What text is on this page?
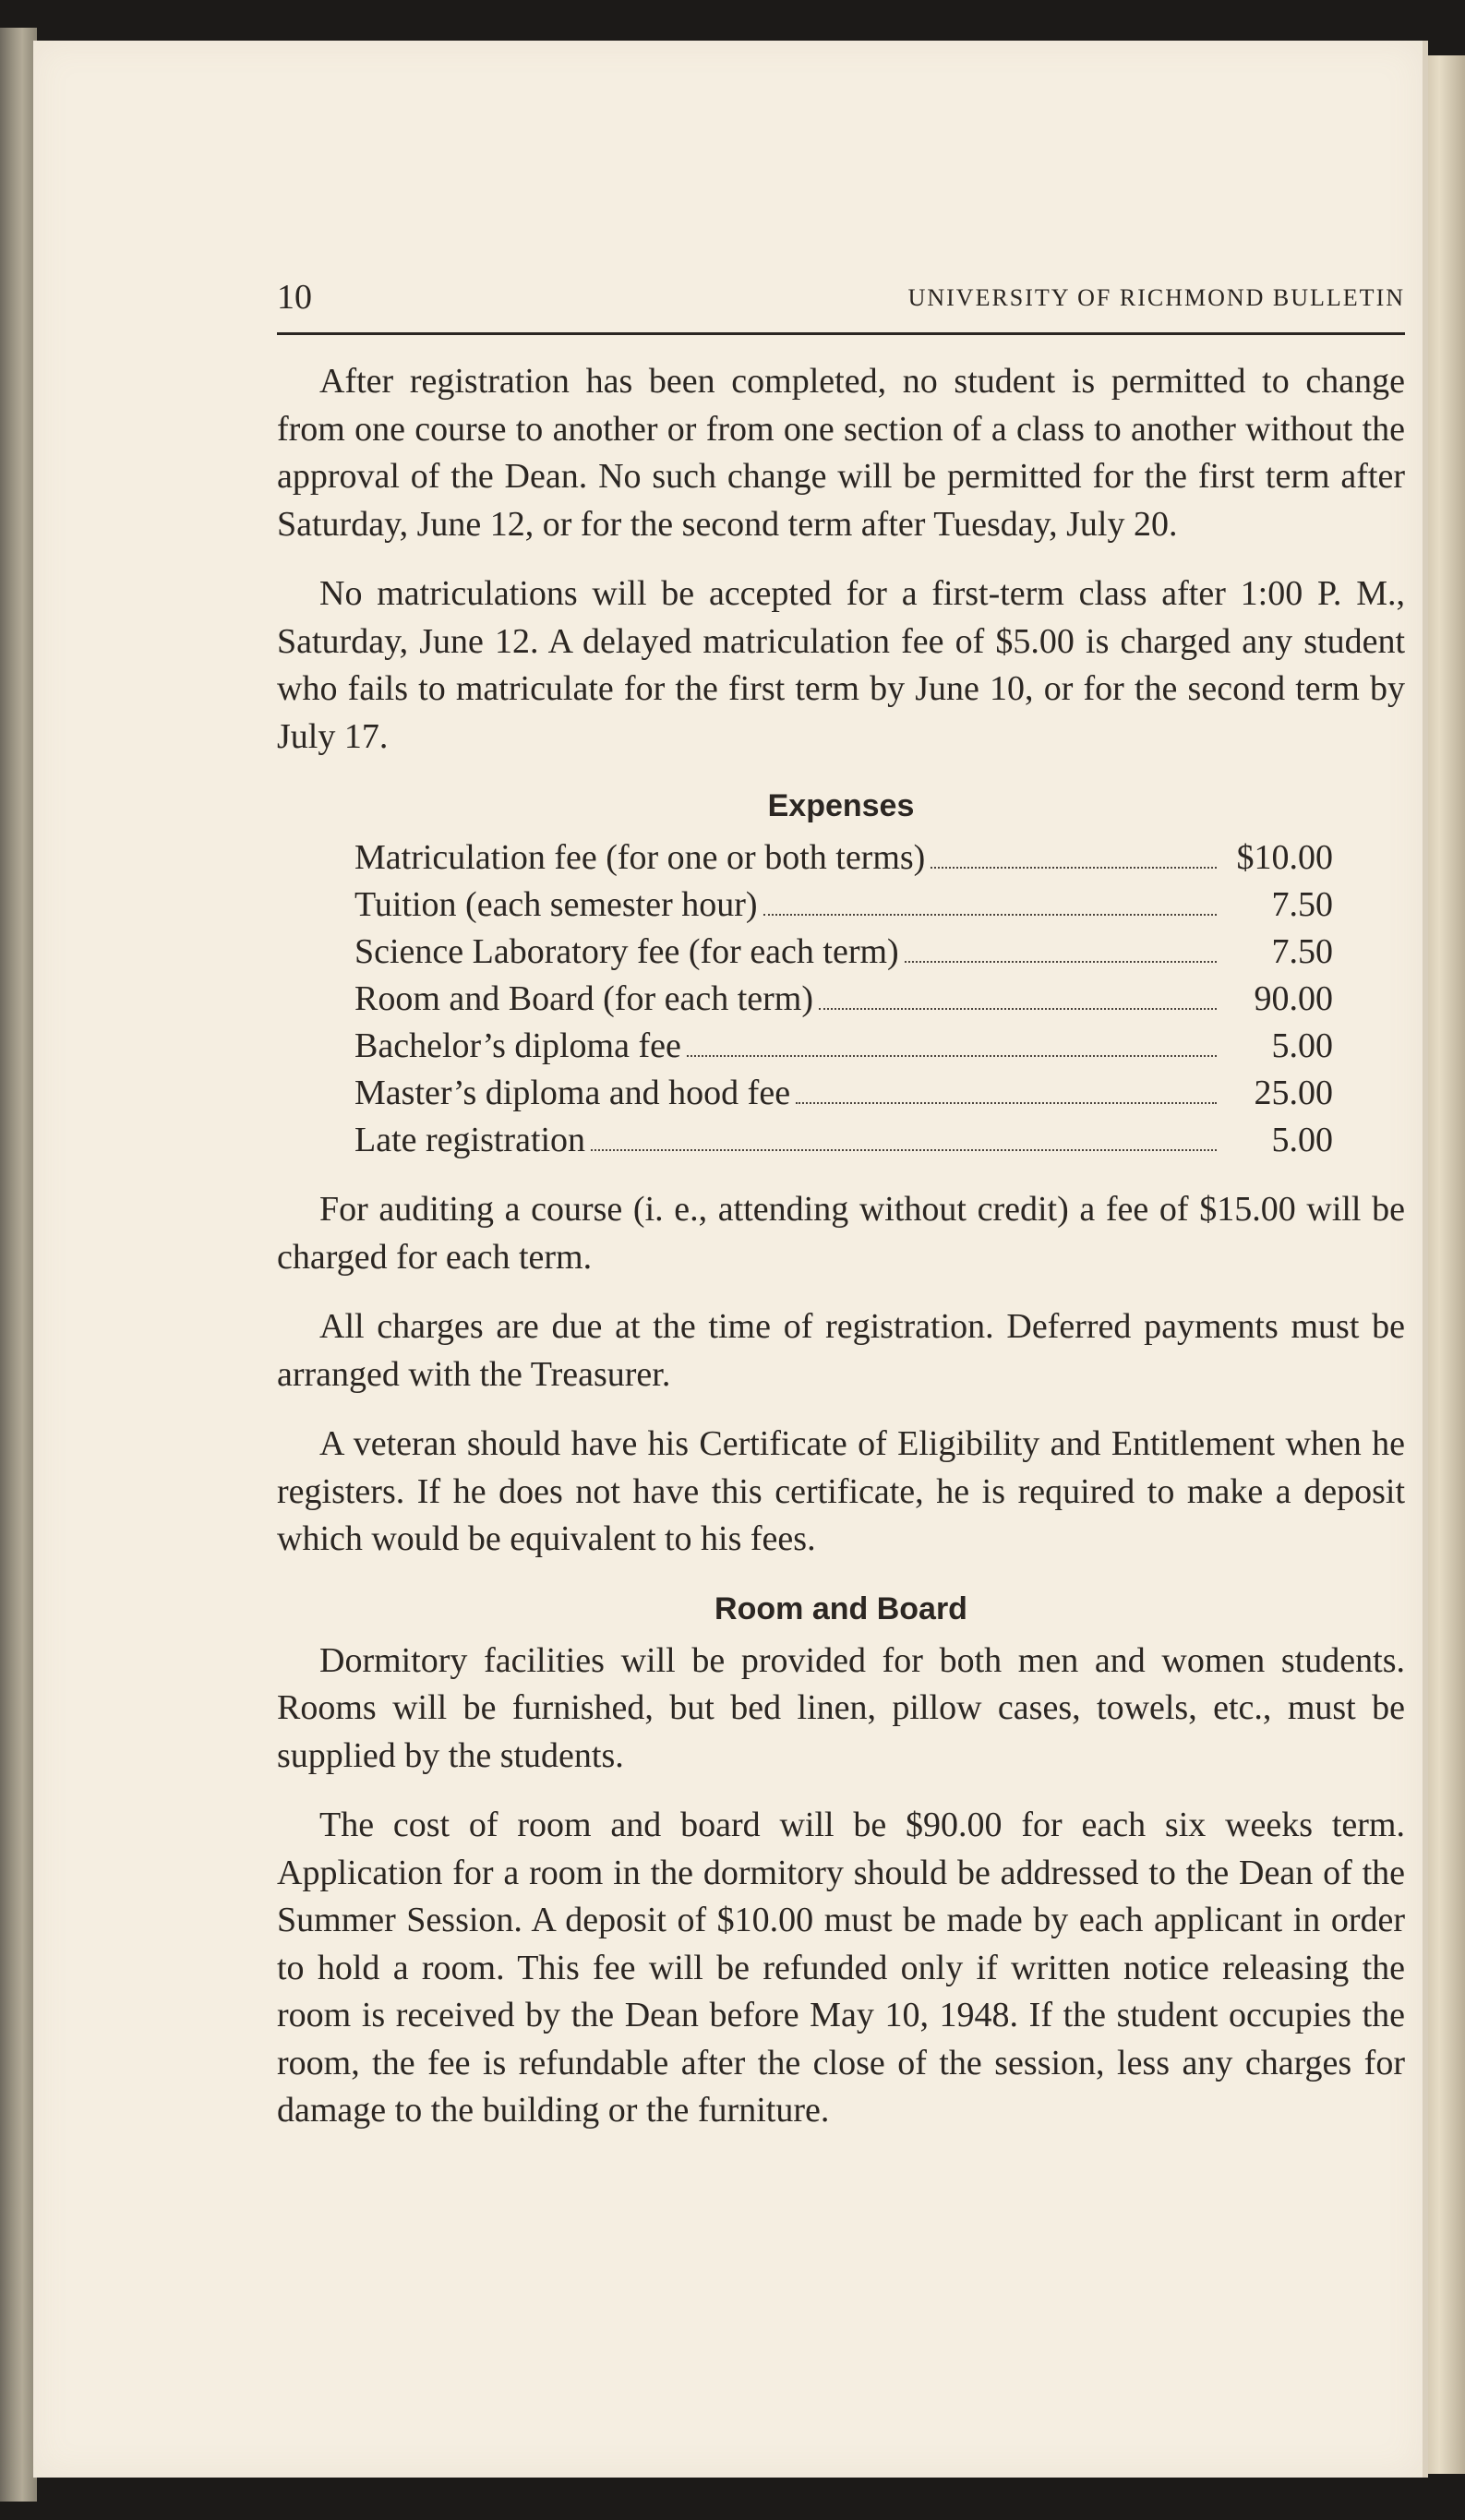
10	UNIVERSITY OF RICHMOND BULLETIN

After registration has been completed, no student is permitted to change from one course to another or from one section of a class to another without the approval of the Dean. No such change will be permitted for the first term after Saturday, June 12, or for the second term after Tuesday, July 20.

No matriculations will be accepted for a first-term class after 1:00 P. M., Saturday, June 12. A delayed matriculation fee of $5.00 is charged any student who fails to matriculate for the first term by June 10, or for the second term by July 17.

Expenses
Matriculation fee (for one or both terms)	$10.00
Tuition (each semester hour)	7.50
Science Laboratory fee (for each term)	7.50
Room and Board (for each term)	90.00
Bachelor’s diploma fee	5.00
Master’s diploma and hood fee	25.00
Late registration	5.00

For auditing a course (i. e., attending without credit) a fee of $15.00 will be charged for each term.

All charges are due at the time of registration. Deferred payments must be arranged with the Treasurer.

A veteran should have his Certificate of Eligibility and Entitlement when he registers. If he does not have this certificate, he is required to make a deposit which would be equivalent to his fees.

Room and Board

Dormitory facilities will be provided for both men and women students. Rooms will be furnished, but bed linen, pillow cases, towels, etc., must be supplied by the students.

The cost of room and board will be $90.00 for each six weeks term. Application for a room in the dormitory should be addressed to the Dean of the Summer Session. A deposit of $10.00 must be made by each applicant in order to hold a room. This fee will be refunded only if written notice releasing the room is received by the Dean before May 10, 1948. If the student occupies the room, the fee is refundable after the close of the session, less any charges for damage to the building or the furniture.
